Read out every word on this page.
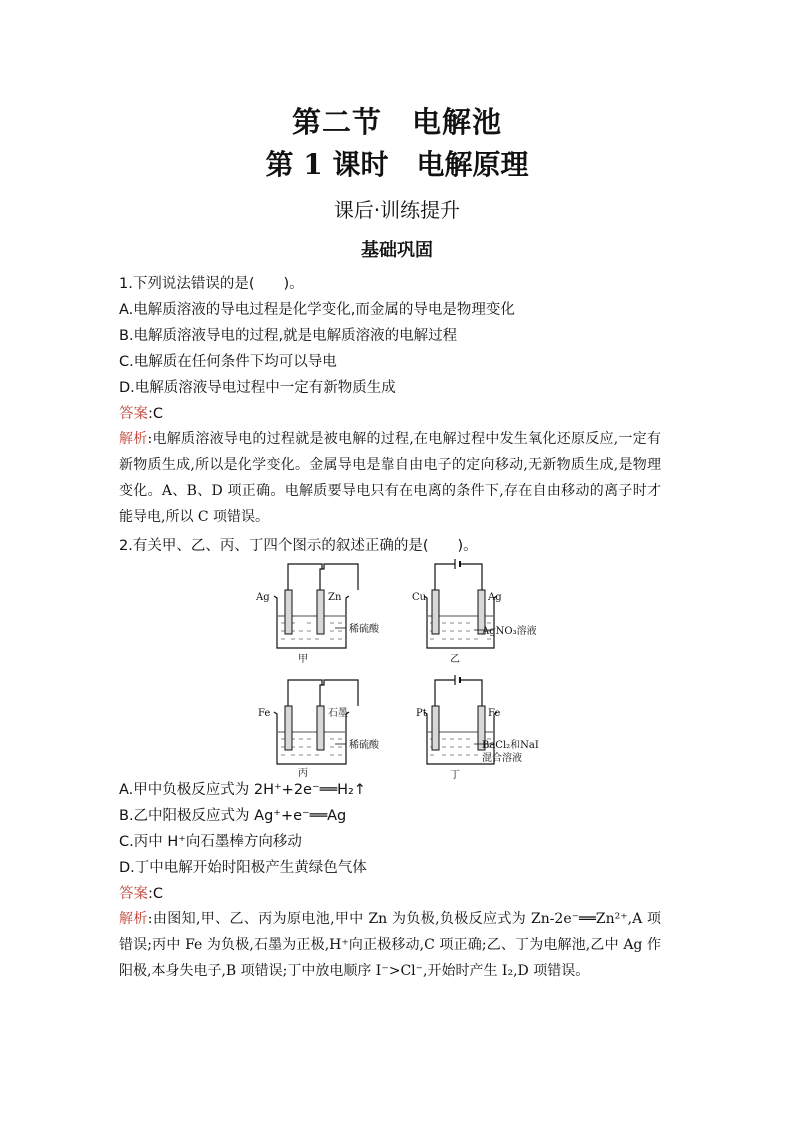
第二节　电解池
第 1 课时　电解原理
课后·训练提升
基础巩固
1.下列说法错误的是(　　)。
A.电解质溶液的导电过程是化学变化,而金属的导电是物理变化
B.电解质溶液导电的过程,就是电解质溶液的电解过程
C.电解质在任何条件下均可以导电
D.电解质溶液导电过程中一定有新物质生成
答案:C
解析:电解质溶液导电的过程就是被电解的过程,在电解过程中发生氧化还原反应,一定有新物质生成,所以是化学变化。金属导电是靠自由电子的定向移动,无新物质生成,是物理变化。A、B、D 项正确。电解质要导电只有在电离的条件下,存在自由移动的离子时才能导电,所以 C 项错误。
2.有关甲、乙、丙、丁四个图示的叙述正确的是(　　)。
Ag	Zn
稀硫酸
甲
Cu	Ag
AgNO₃溶液
乙
Fe	石墨
稀硫酸
丙
Pt	Fe
BaCl₂和NaI
混合溶液
丁
A.甲中负极反应式为 2H⁺+2e⁻══H₂↑
B.乙中阳极反应式为 Ag⁺+e⁻══Ag
C.丙中 H⁺向石墨棒方向移动
D.丁中电解开始时阳极产生黄绿色气体
答案:C
解析:由图知,甲、乙、丙为原电池,甲中 Zn 为负极,负极反应式为 Zn-2e⁻══Zn²⁺,A 项错误;丙中 Fe 为负极,石墨为正极,H⁺向正极移动,C 项正确;乙、丁为电解池,乙中 Ag 作阳极,本身失电子,B 项错误;丁中放电顺序 I⁻>Cl⁻,开始时产生 I₂,D 项错误。
